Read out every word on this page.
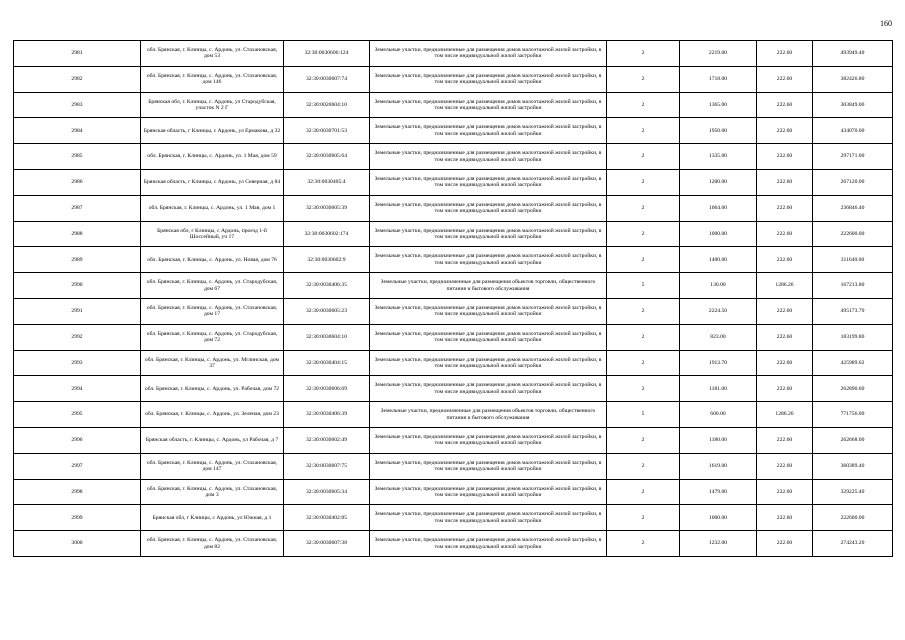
160
2981	обл. Брянская, г. Клинцы, с. Ардонь, ул. Стахановская, дом 53	32:30:0030606:124	Земельные участки, предназначенные для размещения домов малоэтажной жилой застройки, в том числе индивидуальной жилой застройки	2	2219.00	222.60	493949.40
2982	обл. Брянская, г. Клинцы, с. Ардонь, ул. Стахановская, дом 146	32:30:0030607:74	Земельные участки, предназначенные для размещения домов малоэтажной жилой застройки, в том числе индивидуальной жилой застройки	2	1718.00	222.60	382426.80
2983	Брянская обл, г. Клинцы, с. Ардонь, ул Стародубская, участок N 2 Г	32:30:0020604:10	Земельные участки, предназначенные для размещения домов малоэтажной жилой застройки, в том числе индивидуальной жилой застройки	2	1365.00	222.60	303849.00
2984	Брянская область, г Клинцы, с Ардонь, ул Ермакова, д 32	32:30:0030701:53	Земельные участки, предназначенные для размещения домов малоэтажной жилой застройки, в том числе индивидуальной жилой застройки	2	1950.00	222.60	434070.00
2985	обл. Брянская, г. Клинцы, с. Ардонь, ул. 1 Мая, дом 59	32:30:0030605:64	Земельные участки, предназначенные для размещения домов малоэтажной жилой застройки, в том числе индивидуальной жилой застройки	2	1335.00	222.60	297171.00
2986	Брянская область, г Клинцы, с Ардонь, ул Северная, д 84	32:30:0030405:4	Земельные участки, предназначенные для размещения домов малоэтажной жилой застройки, в том числе индивидуальной жилой застройки	2	1200.00	222.60	267120.00
2987	обл. Брянская, г. Клинцы, с. Ардонь, ул. 1 Мая, дом 1	32:30:0030605:39	Земельные участки, предназначенные для размещения домов малоэтажной жилой застройки, в том числе индивидуальной жилой застройки	2	1064.00	222.60	236846.40
2988	Брянская обл, г Клинцы, с Ардонь, проезд 1-й Шоссейный, уч 17	32:30:0030602:174	Земельные участки, предназначенные для размещения домов малоэтажной жилой застройки, в том числе индивидуальной жилой застройки	2	1000.00	222.60	222600.00
2989	обл. Брянская, г. Клинцы, с. Ардонь, ул. Новая, дом 76	32:30:0030602:9	Земельные участки, предназначенные для размещения домов малоэтажной жилой застройки, в том числе индивидуальной жилой застройки	2	1400.00	222.60	311640.00
2990	обл. Брянская, г. Клинцы, с. Ардонь, ул. Стародубская, дом 67	32:30:0030406:35	Земельные участки, предназначенные для размещения объектов торговли, общественного питания и бытового обслуживания	5	130.00	1286.26	167213.80
2991	обл. Брянская, г. Клинцы, с. Ардонь, ул. Стахановская, дом 17	32:30:0030605:23	Земельные участки, предназначенные для размещения домов малоэтажной жилой застройки, в том числе индивидуальной жилой застройки	2	2224.50	222.60	495173.70
2992	обл. Брянская, г. Клинцы, с. Ардонь, ул. Стародубская, дом 72	32:30:0030604:10	Земельные участки, предназначенные для размещения домов малоэтажной жилой застройки, в том числе индивидуальной жилой застройки	2	823.00	222.60	183199.80
2993	обл. Брянская, г. Клинцы, с. Ардонь, ул. Мглинская, дом 37	32:30:0030404:15	Земельные участки, предназначенные для размещения домов малоэтажной жилой застройки, в том числе индивидуальной жилой застройки	2	1913.70	222.60	425989.62
2994	обл. Брянская, г. Клинцы, с. Ардонь, ул. Рабочая, дом 72	32:30:0030606:69	Земельные участки, предназначенные для размещения домов малоэтажной жилой застройки, в том числе индивидуальной жилой застройки	2	1181.00	222.60	262890.60
2995	обл. Брянская, г. Клинцы, с. Ардонь, ул. Зеленая, дом 23	32:30:0030406:39	Земельные участки, предназначенные для размещения объектов торговли, общественного питания и бытового обслуживания	5	600.00	1286.26	771756.00
2996	Брянская область, г. Клинцы, с. Ардонь, ул Рабочая, д 7	32:30:0030602:49	Земельные участки, предназначенные для размещения домов малоэтажной жилой застройки, в том числе индивидуальной жилой застройки	2	1180.00	222.60	262668.00
2997	обл. Брянская, г. Клинцы, с. Ардонь, ул. Стахановская, дом 147	32:30:0030607:75	Земельные участки, предназначенные для размещения домов малоэтажной жилой застройки, в том числе индивидуальной жилой застройки	2	1619.00	222.60	360389.40
2998	обл. Брянская, г. Клинцы, с. Ардонь, ул. Стахановская, дом 3	32:30:0030605:34	Земельные участки, предназначенные для размещения домов малоэтажной жилой застройки, в том числе индивидуальной жилой застройки	2	1479.00	222.60	329225.40
2999	Брянская обл, г Клинцы, с Ардонь, ул Южная, д 1	32:30:0030402:85	Земельные участки, предназначенные для размещения домов малоэтажной жилой застройки, в том числе индивидуальной жилой застройки	2	1000.00	222.60	222600.00
3000	обл. Брянская, г. Клинцы, с. Ардонь, ул. Стахановская, дом 82	32:30:0030607:38	Земельные участки, предназначенные для размещения домов малоэтажной жилой застройки, в том числе индивидуальной жилой застройки	2	1232.00	222.60	274243.20
